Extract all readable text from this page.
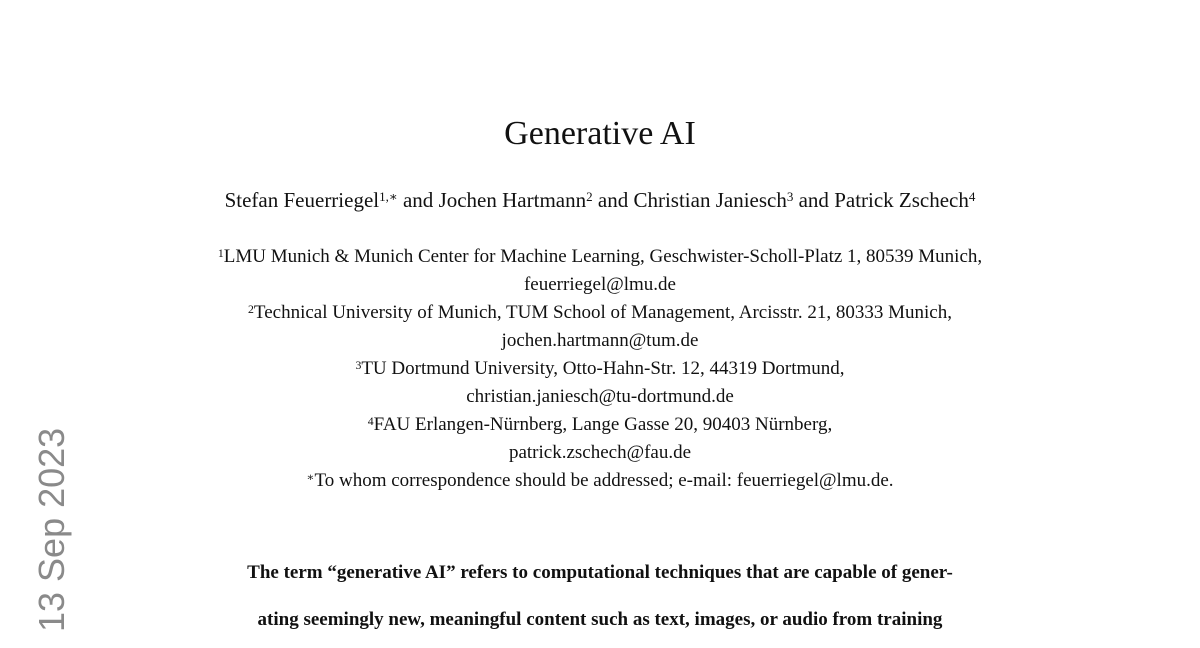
13 Sep 2023
Generative AI
Stefan Feuerriegel$^{1,∗}$ and Jochen Hartmann$^2$ and Christian Janiesch$^3$ and Patrick Zschech$^4$
$^1$LMU Munich & Munich Center for Machine Learning, Geschwister-Scholl-Platz 1, 80539 Munich,
feuerriegel@lmu.de
$^2$Technical University of Munich, TUM School of Management, Arcisstr. 21, 80333 Munich,
jochen.hartmann@tum.de
$^3$TU Dortmund University, Otto-Hahn-Str. 12, 44319 Dortmund,
christian.janiesch@tu-dortmund.de
$^4$FAU Erlangen-Nürnberg, Lange Gasse 20, 90403 Nürnberg,
patrick.zschech@fau.de
∗To whom correspondence should be addressed; e-mail: feuerriegel@lmu.de.
The term “generative AI” refers to computational techniques that are capable of gener-
ating seemingly new, meaningful content such as text, images, or audio from training
